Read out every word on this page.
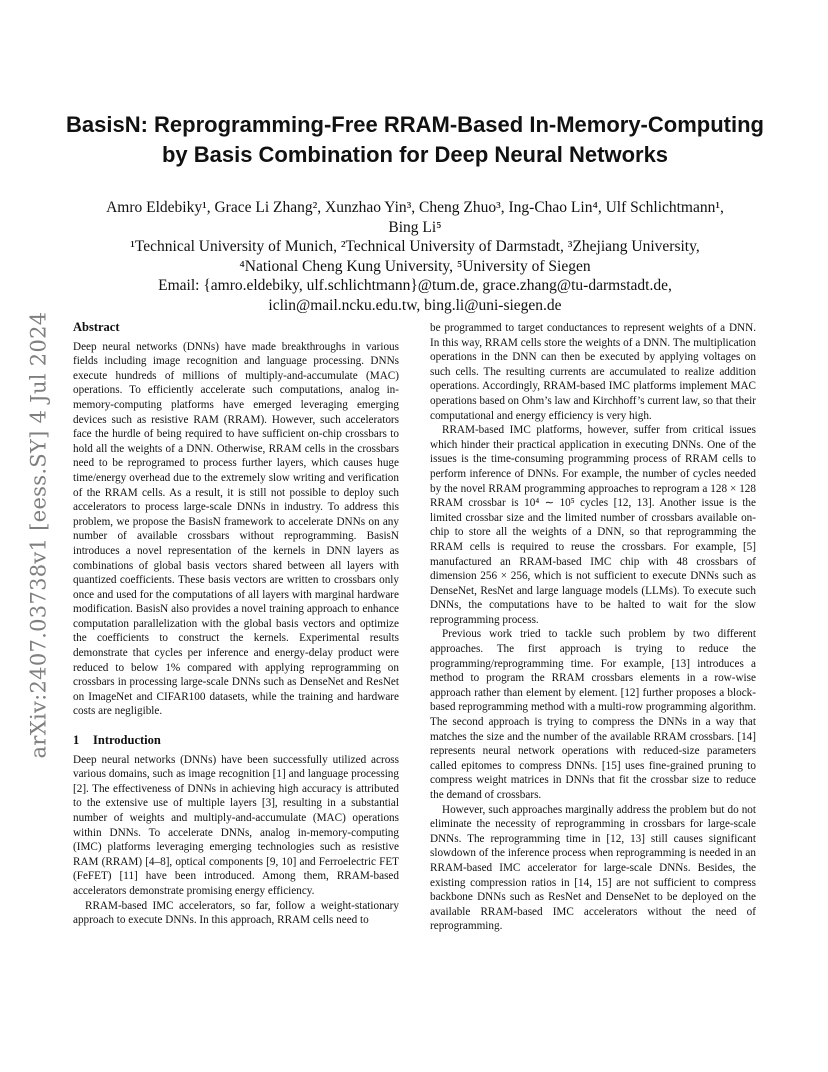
arXiv:2407.03738v1 [eess.SY] 4 Jul 2024
BasisN: Reprogramming-Free RRAM-Based In-Memory-Computing by Basis Combination for Deep Neural Networks

Amro Eldebiky¹, Grace Li Zhang², Xunzhao Yin³, Cheng Zhuo³, Ing-Chao Lin⁴, Ulf Schlichtmann¹,

Bing Li⁵

¹Technical University of Munich, ²Technical University of Darmstadt, ³Zhejiang University,

⁴National Cheng Kung University, ⁵University of Siegen

Email: {amro.eldebiky, ulf.schlichtmann}@tum.de, grace.zhang@tu-darmstadt.de,

iclin@mail.ncku.edu.tw, bing.li@uni-siegen.de

Abstract

Deep neural networks (DNNs) have made breakthroughs in various fields including image recognition and language processing. DNNs execute hundreds of millions of multiply-and-accumulate (MAC) operations. To efficiently accelerate such computations, analog in-memory-computing platforms have emerged leveraging emerging devices such as resistive RAM (RRAM). However, such accelerators face the hurdle of being required to have sufficient on-chip crossbars to hold all the weights of a DNN. Otherwise, RRAM cells in the crossbars need to be reprogramed to process further layers, which causes huge time/energy overhead due to the extremely slow writing and verification of the RRAM cells. As a result, it is still not possible to deploy such accelerators to process large-scale DNNs in industry. To address this problem, we propose the BasisN framework to accelerate DNNs on any number of available crossbars without reprogramming. BasisN introduces a novel representation of the kernels in DNN layers as combinations of global basis vectors shared between all layers with quantized coefficients. These basis vectors are written to crossbars only once and used for the computations of all layers with marginal hardware modification. BasisN also provides a novel training approach to enhance computation parallelization with the global basis vectors and optimize the coefficients to construct the kernels. Experimental results demonstrate that cycles per inference and energy-delay product were reduced to below 1% compared with applying reprogramming on crossbars in processing large-scale DNNs such as DenseNet and ResNet on ImageNet and CIFAR100 datasets, while the training and hardware costs are negligible.

1 Introduction

Deep neural networks (DNNs) have been successfully utilized across various domains, such as image recognition [1] and language processing [2]. The effectiveness of DNNs in achieving high accuracy is attributed to the extensive use of multiple layers [3], resulting in a substantial number of weights and multiply-and-accumulate (MAC) operations within DNNs. To accelerate DNNs, analog in-memory-computing (IMC) platforms leveraging emerging technologies such as resistive RAM (RRAM) [4–8], optical components [9, 10] and Ferroelectric FET (FeFET) [11] have been introduced. Among them, RRAM-based accelerators demonstrate promising energy efficiency.

RRAM-based IMC accelerators, so far, follow a weight-stationary approach to execute DNNs. In this approach, RRAM cells need to

be programmed to target conductances to represent weights of a DNN. In this way, RRAM cells store the weights of a DNN. The multiplication operations in the DNN can then be executed by applying voltages on such cells. The resulting currents are accumulated to realize addition operations. Accordingly, RRAM-based IMC platforms implement MAC operations based on Ohm’s law and Kirchhoff’s current law, so that their computational and energy efficiency is very high.

RRAM-based IMC platforms, however, suffer from critical issues which hinder their practical application in executing DNNs. One of the issues is the time-consuming programming process of RRAM cells to perform inference of DNNs. For example, the number of cycles needed by the novel RRAM programming approaches to reprogram a 128 × 128 RRAM crossbar is 10⁴ ∼ 10⁵ cycles [12, 13]. Another issue is the limited crossbar size and the limited number of crossbars available on-chip to store all the weights of a DNN, so that reprogramming the RRAM cells is required to reuse the crossbars. For example, [5] manufactured an RRAM-based IMC chip with 48 crossbars of dimension 256 × 256, which is not sufficient to execute DNNs such as DenseNet, ResNet and large language models (LLMs). To execute such DNNs, the computations have to be halted to wait for the slow reprogramming process.

Previous work tried to tackle such problem by two different approaches. The first approach is trying to reduce the programming/reprogramming time. For example, [13] introduces a method to program the RRAM crossbars elements in a row-wise approach rather than element by element. [12] further proposes a block-based reprogramming method with a multi-row programming algorithm. The second approach is trying to compress the DNNs in a way that matches the size and the number of the available RRAM crossbars. [14] represents neural network operations with reduced-size parameters called epitomes to compress DNNs. [15] uses fine-grained pruning to compress weight matrices in DNNs that fit the crossbar size to reduce the demand of crossbars.

However, such approaches marginally address the problem but do not eliminate the necessity of reprogramming in crossbars for large-scale DNNs. The reprogramming time in [12, 13] still causes significant slowdown of the inference process when reprogramming is needed in an RRAM-based IMC accelerator for large-scale DNNs. Besides, the existing compression ratios in [14, 15] are not sufficient to compress backbone DNNs such as ResNet and DenseNet to be deployed on the available RRAM-based IMC accelerators without the need of reprogramming.
